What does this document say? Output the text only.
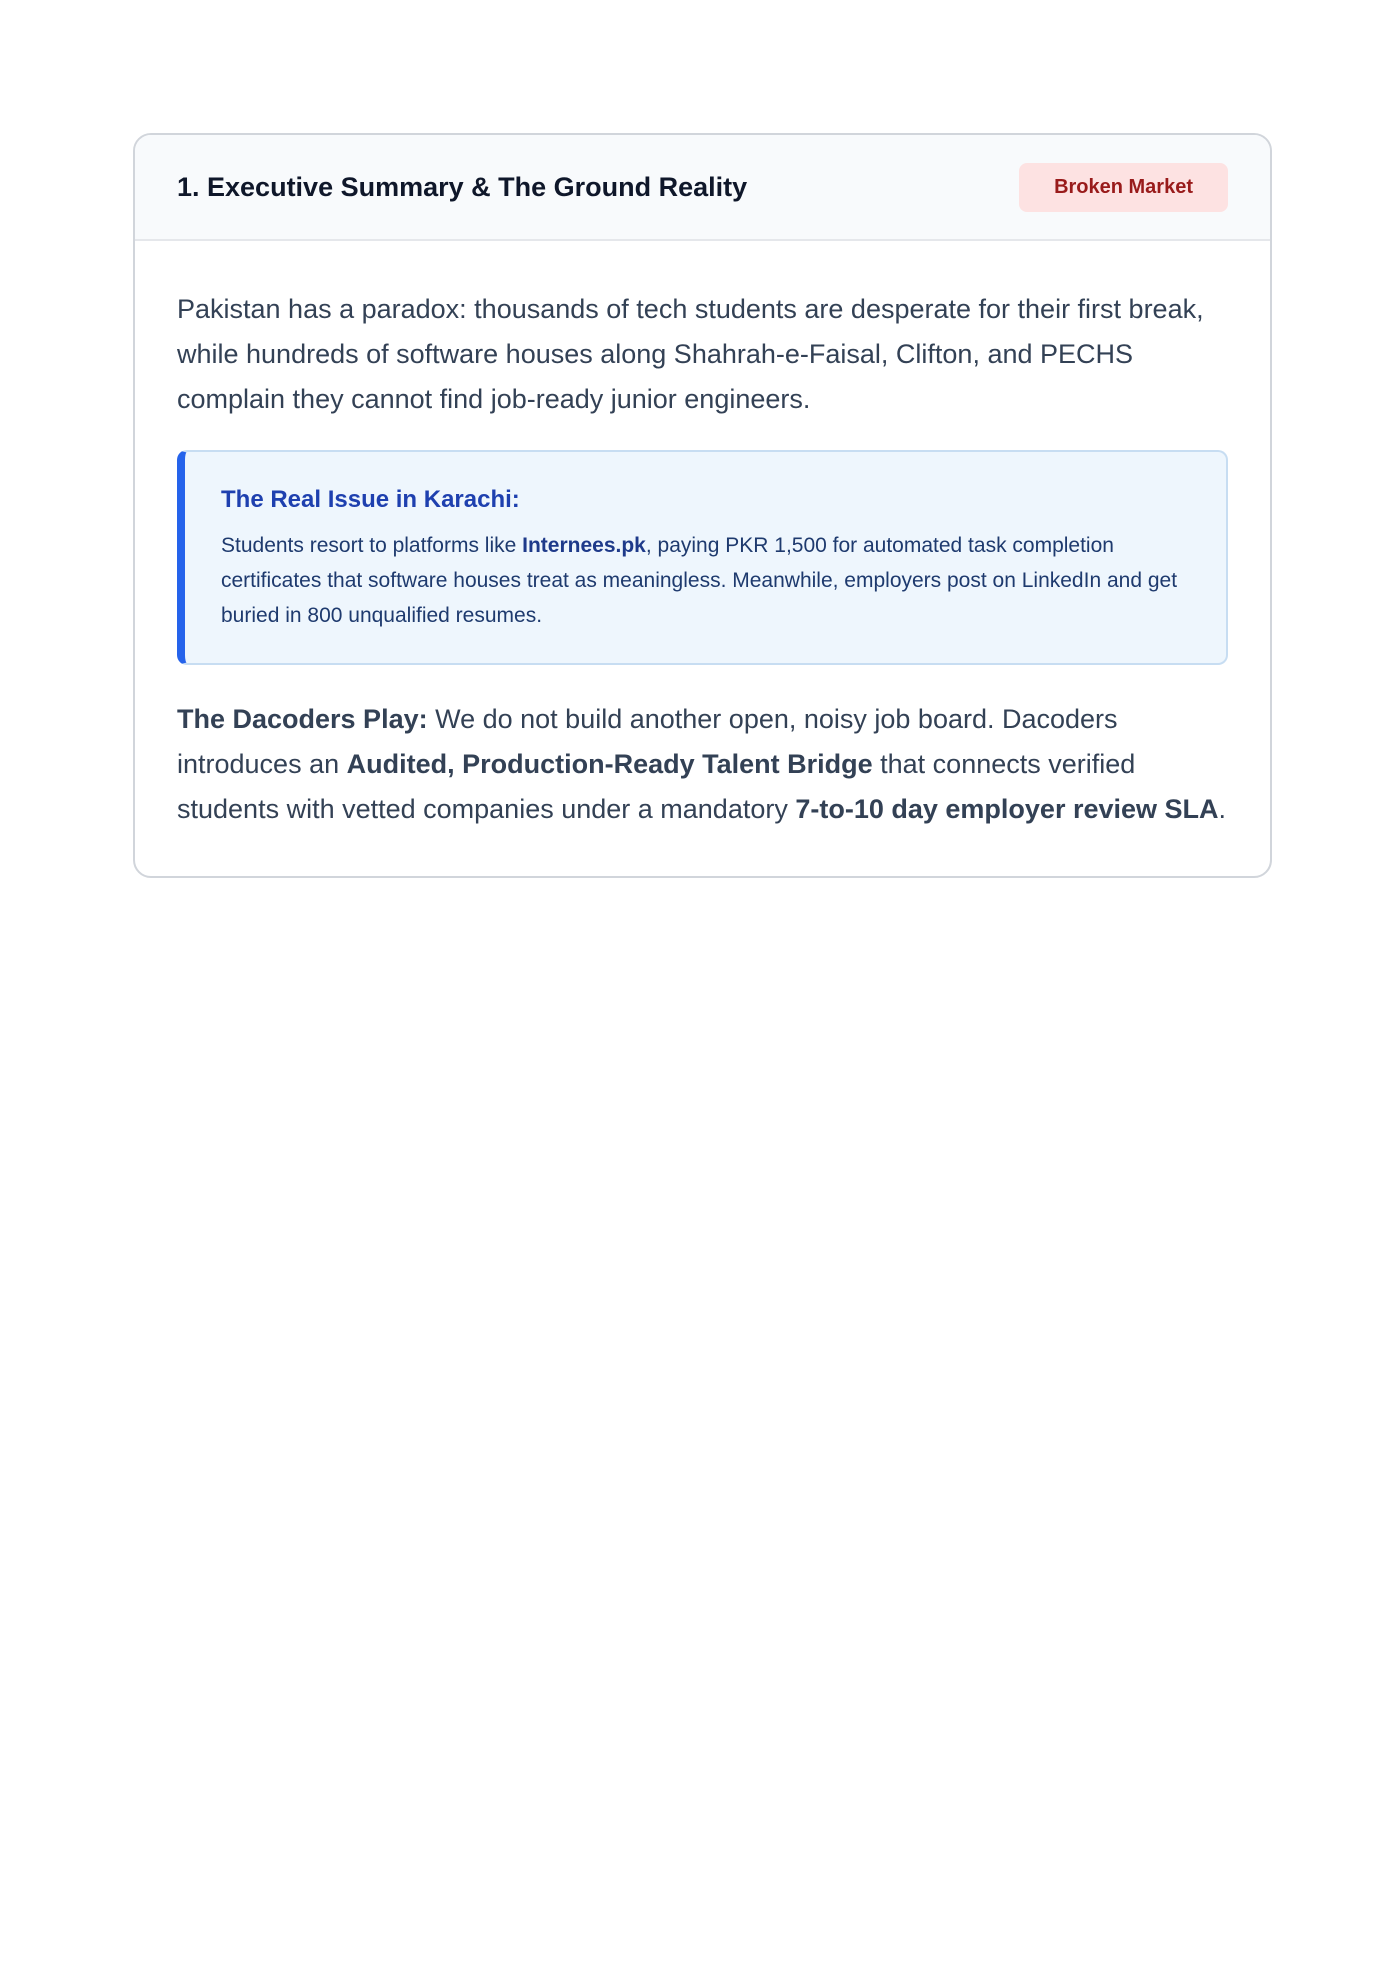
1. Executive Summary & The Ground Reality	Broken Market

Pakistan has a paradox: thousands of tech students are desperate for their first break, while hundreds of software houses along Shahrah-e-Faisal, Clifton, and PECHS complain they cannot find job-ready junior engineers.

The Real Issue in Karachi:

Students resort to platforms like Internees.pk, paying PKR 1,500 for automated task completion certificates that software houses treat as meaningless. Meanwhile, employers post on LinkedIn and get buried in 800 unqualified resumes.

The Dacoders Play: We do not build another open, noisy job board. Dacoders introduces an Audited, Production-Ready Talent Bridge that connects verified students with vetted companies under a mandatory 7-to-10 day employer review SLA.
